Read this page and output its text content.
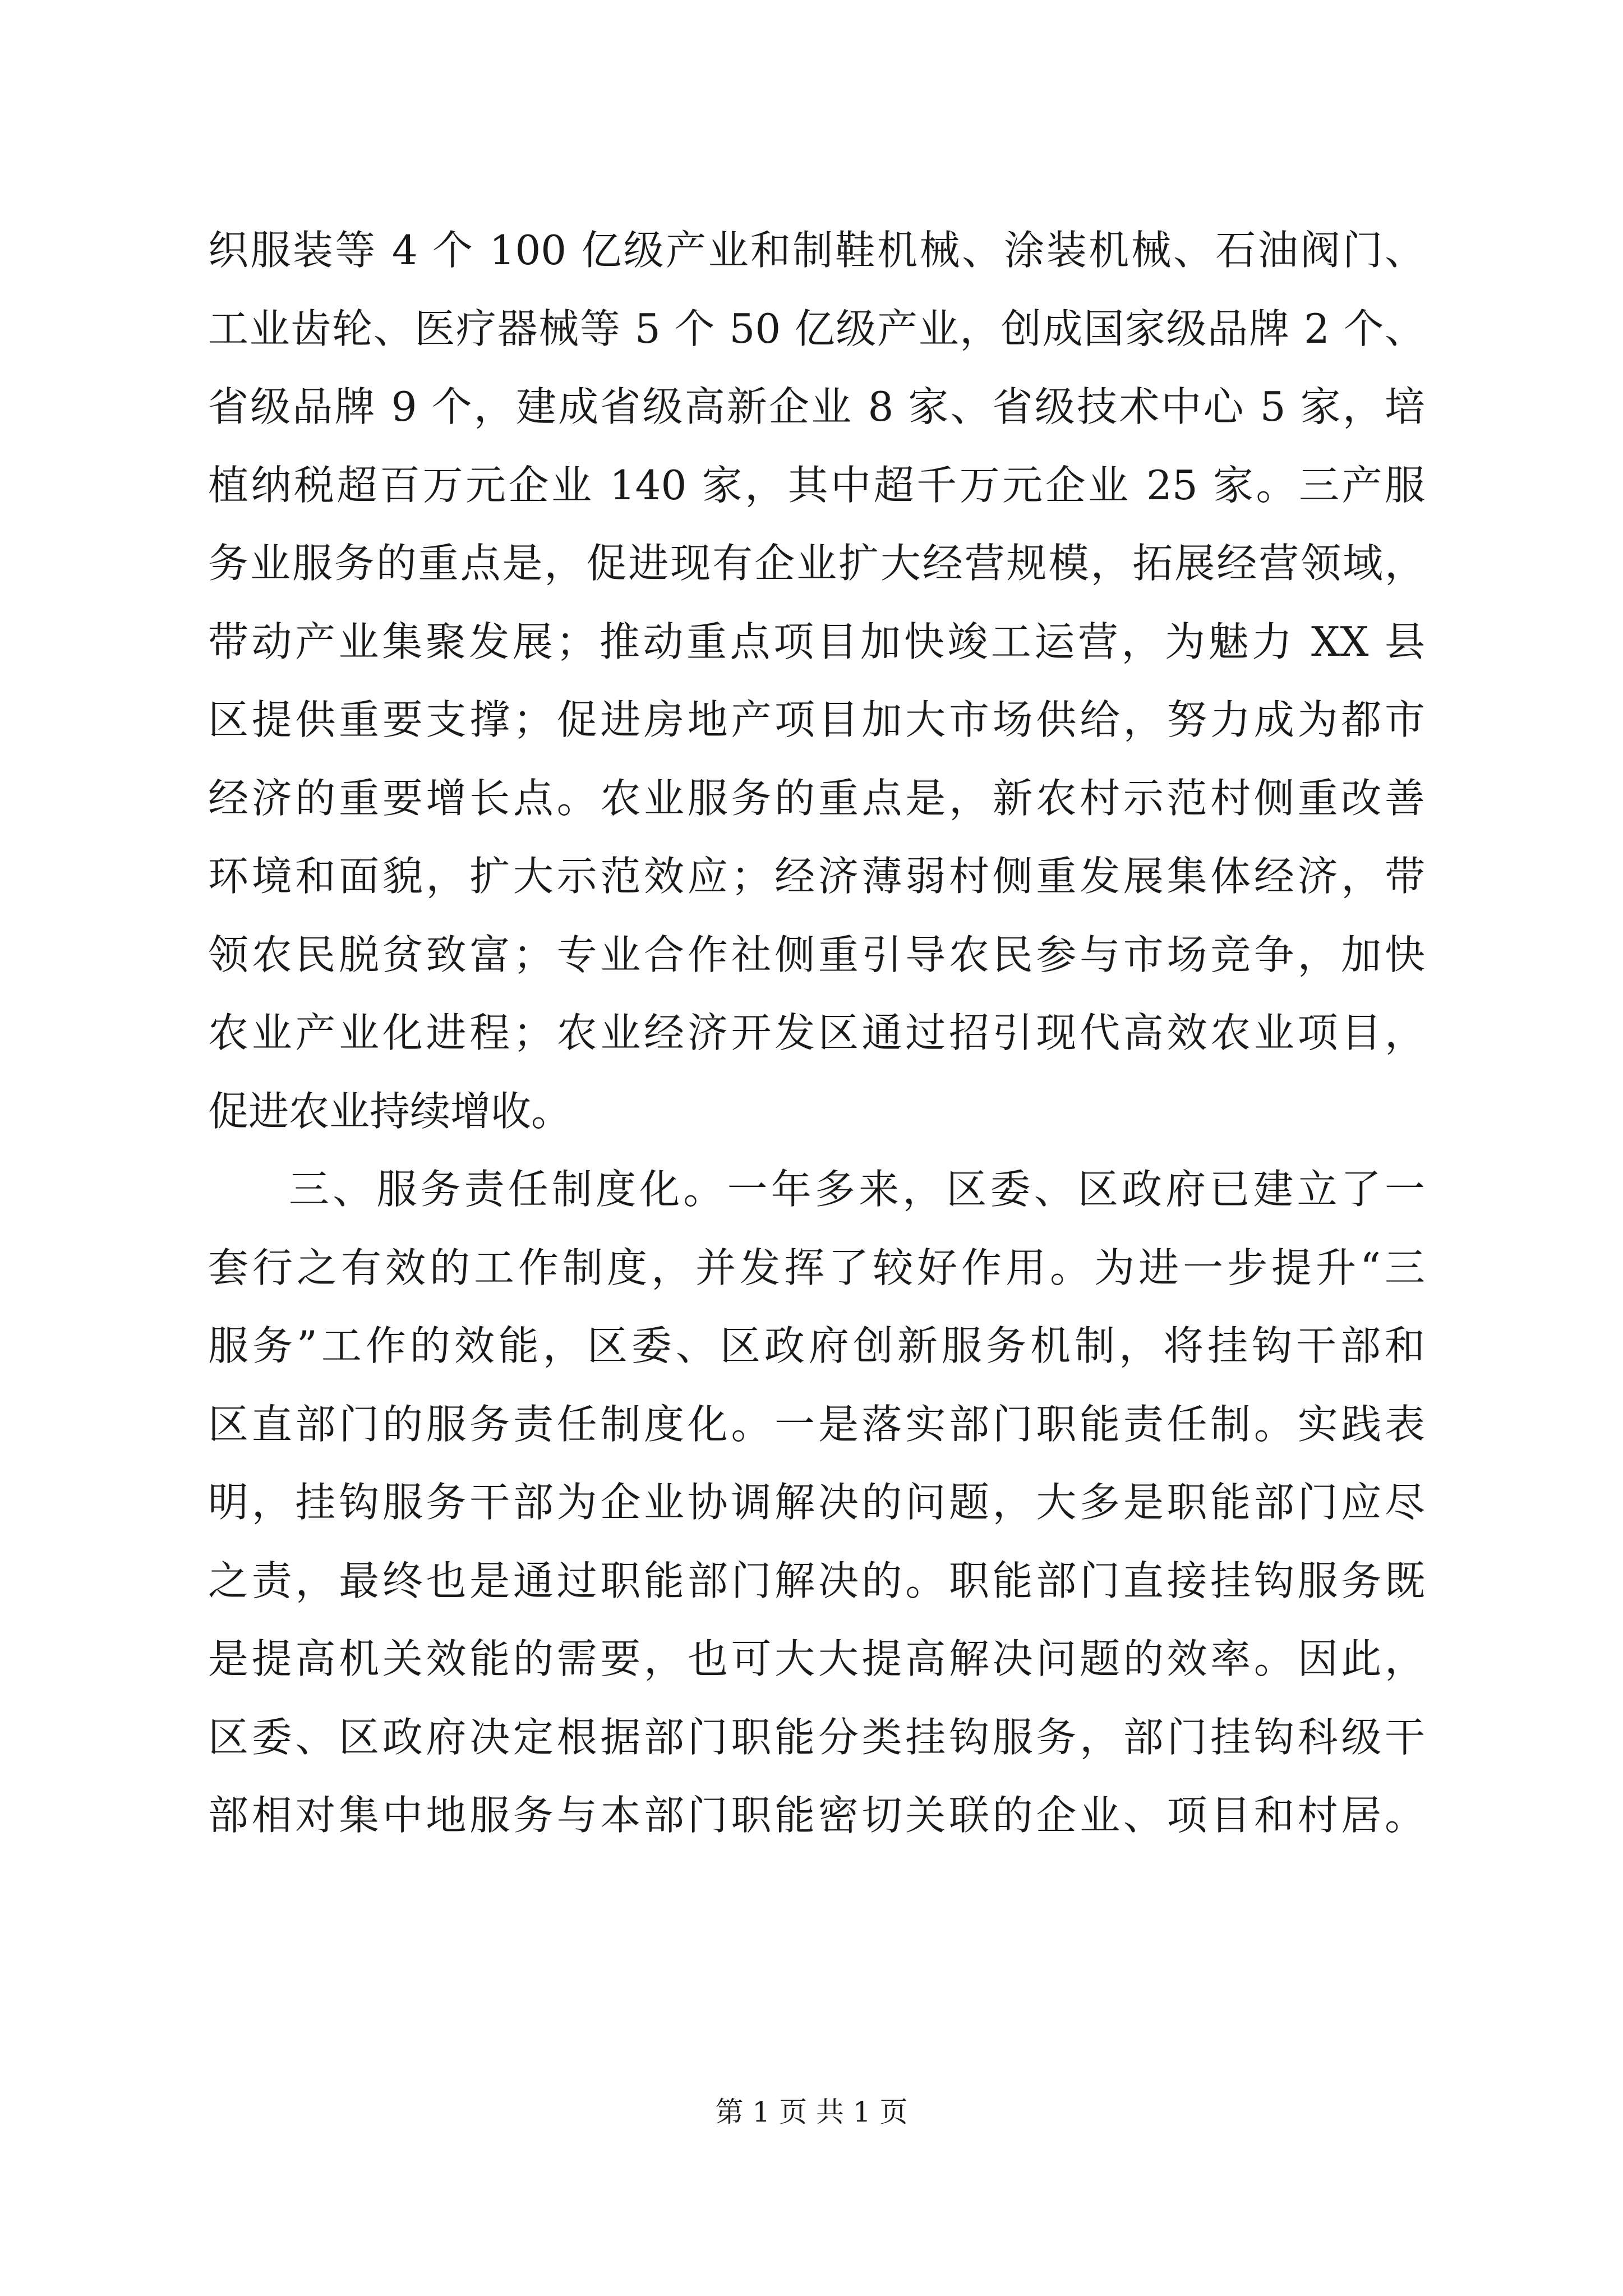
织服装等 4 个 100 亿级产业和制鞋机械、涂装机械、石油阀门、
工业齿轮、医疗器械等 5 个 50 亿级产业，创成国家级品牌 2 个、
省级品牌 9 个，建成省级高新企业 8 家、省级技术中心 5 家，培
植纳税超百万元企业 140 家，其中超千万元企业 25 家。三产服
务业服务的重点是，促进现有企业扩大经营规模，拓展经营领域，
带动产业集聚发展；推动重点项目加快竣工运营，为魅力 XX 县
区提供重要支撑；促进房地产项目加大市场供给，努力成为都市
经济的重要增长点。农业服务的重点是，新农村示范村侧重改善
环境和面貌，扩大示范效应；经济薄弱村侧重发展集体经济，带
领农民脱贫致富；专业合作社侧重引导农民参与市场竞争，加快
农业产业化进程；农业经济开发区通过招引现代高效农业项目，
促进农业持续增收。
三、服务责任制度化。一年多来，区委、区政府已建立了一
套行之有效的工作制度，并发挥了较好作用。为进一步提升“三
服务”工作的效能，区委、区政府创新服务机制，将挂钩干部和
区直部门的服务责任制度化。一是落实部门职能责任制。实践表
明，挂钩服务干部为企业协调解决的问题，大多是职能部门应尽
之责，最终也是通过职能部门解决的。职能部门直接挂钩服务既
是提高机关效能的需要，也可大大提高解决问题的效率。因此，
区委、区政府决定根据部门职能分类挂钩服务，部门挂钩科级干
部相对集中地服务与本部门职能密切关联的企业、项目和村居。
第 1 页 共 1 页
